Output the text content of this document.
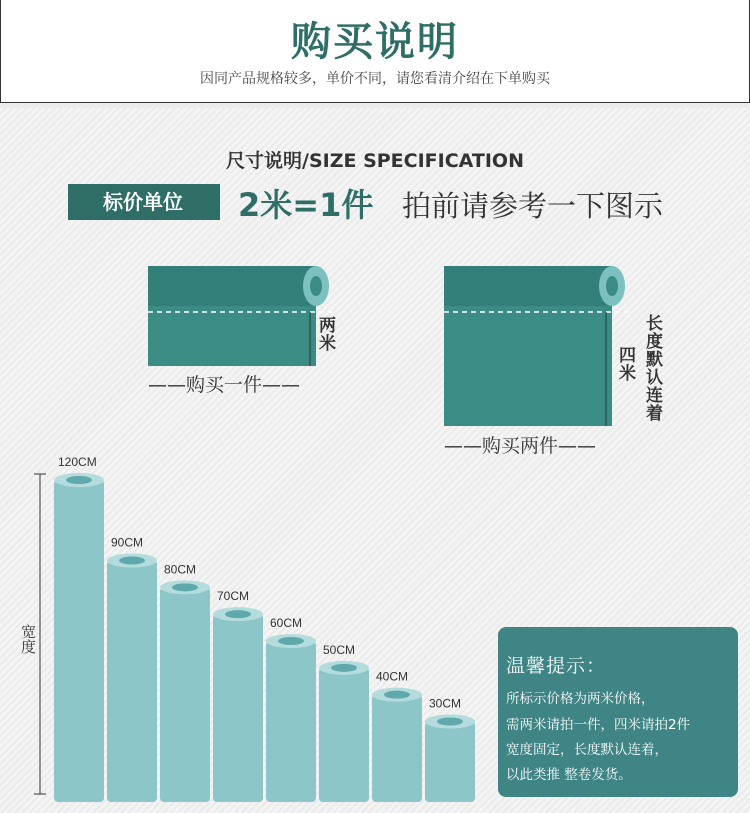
购买说明
因同产品规格较多，单价不同，请您看清介绍在下单购买
尺寸说明/SIZE SPECIFICATION
标价单位	2米=1件 拍前请参考一下图示
两米
——购买一件——
四米 长度默认连着
——购买两件——
120CM
90CM
80CM
70CM
60CM
50CM
40CM
30CM
宽度
温馨提示：
所标示价格为两米价格，
需两米请拍一件，四米请拍2件
宽度固定，长度默认连着，
以此类推 整卷发货。
